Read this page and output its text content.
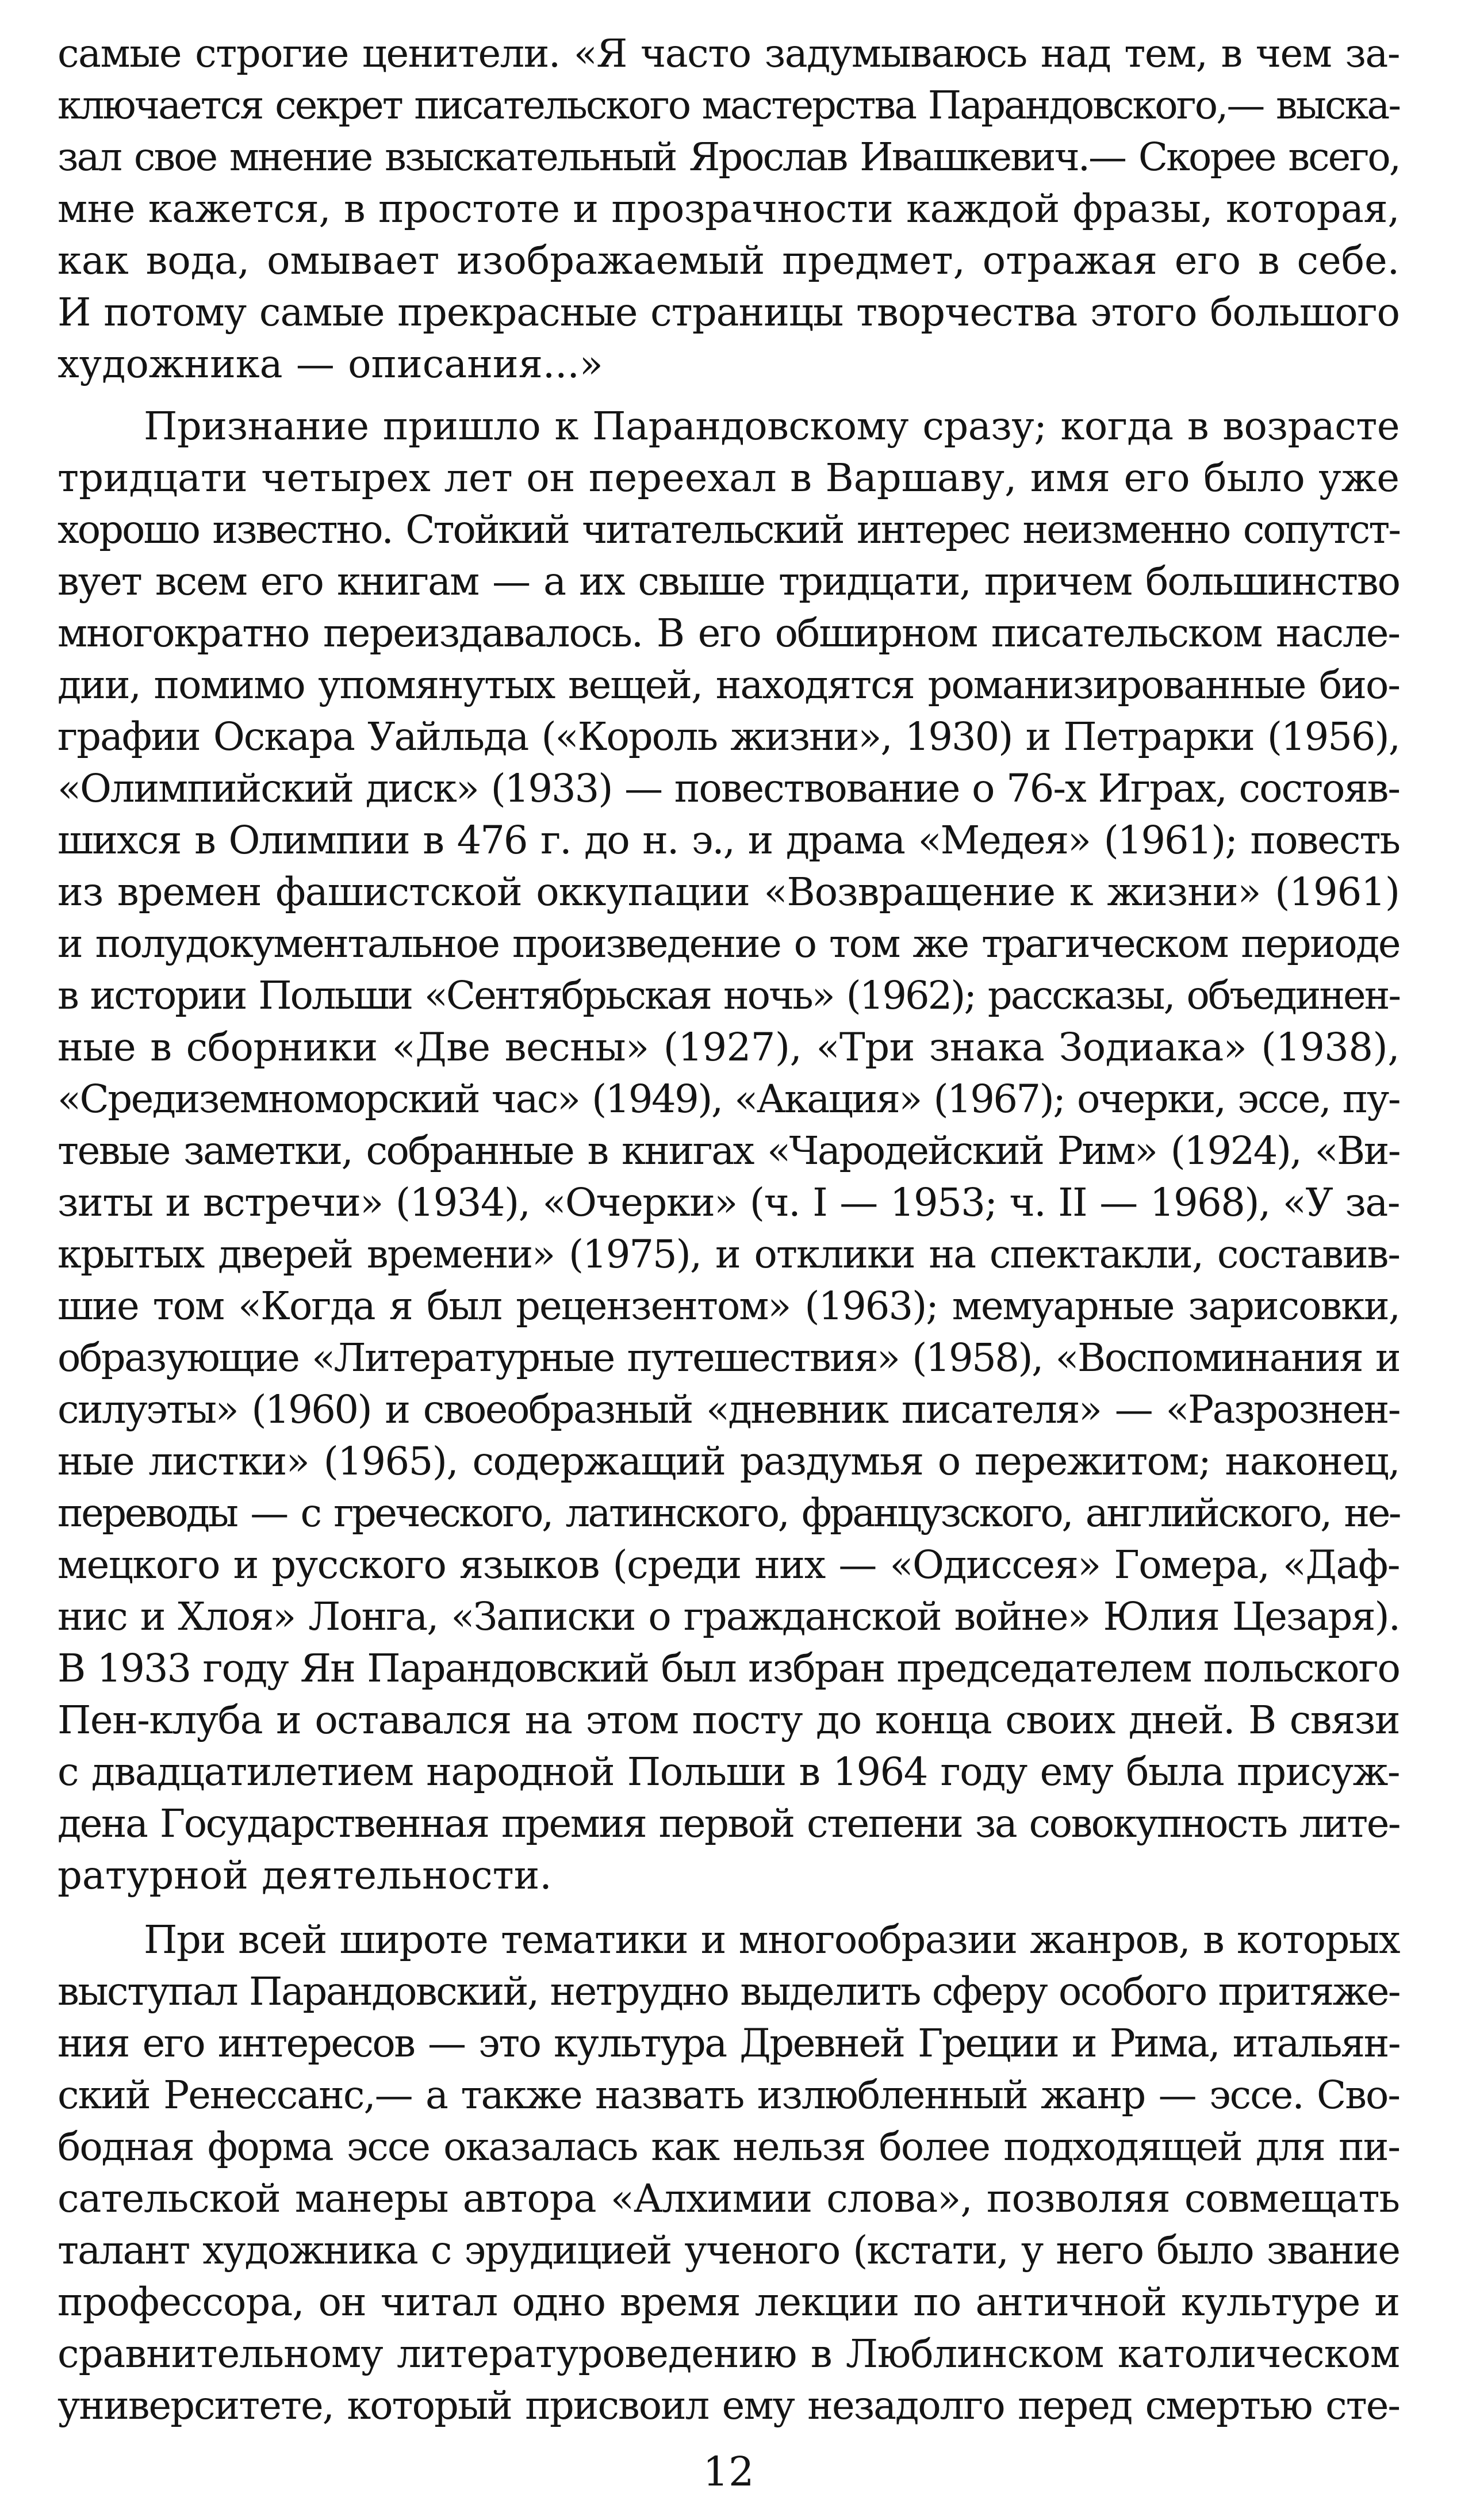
самые строгие ценители. «Я часто задумываюсь над тем, в чем за-
ключается секрет писательского мастерства Парандовского,— выска-
зал свое мнение взыскательный Ярослав Ивашкевич.— Скорее всего,
мне кажется, в простоте и прозрачности каждой фразы, которая,
как вода, омывает изображаемый предмет, отражая его в себе.
И потому самые прекрасные страницы творчества этого большого
художника — описания...»
Признание пришло к Парандовскому сразу; когда в возрасте
тридцати четырех лет он переехал в Варшаву, имя его было уже
хорошо известно. Стойкий читательский интерес неизменно сопутст-
вует всем его книгам — а их свыше тридцати, причем большинство
многократно переиздавалось. В его обширном писательском насле-
дии, помимо упомянутых вещей, находятся романизированные био-
графии Оскара Уайльда («Король жизни», 1930) и Петрарки (1956),
«Олимпийский диск» (1933) — повествование о 76-х Играх, состояв-
шихся в Олимпии в 476 г. до н. э., и драма «Медея» (1961); повесть
из времен фашистской оккупации «Возвращение к жизни» (1961)
и полудокументальное произведение о том же трагическом периоде
в истории Польши «Сентябрьская ночь» (1962); рассказы, объединен-
ные в сборники «Две весны» (1927), «Три знака Зодиака» (1938),
«Средиземноморский час» (1949), «Акация» (1967); очерки, эссе, пу-
тевые заметки, собранные в книгах «Чародейский Рим» (1924), «Ви-
зиты и встречи» (1934), «Очерки» (ч. I — 1953; ч. II — 1968), «У за-
крытых дверей времени» (1975), и отклики на спектакли, составив-
шие том «Когда я был рецензентом» (1963); мемуарные зарисовки,
образующие «Литературные путешествия» (1958), «Воспоминания и
силуэты» (1960) и своеобразный «дневник писателя» — «Разрознен-
ные листки» (1965), содержащий раздумья о пережитом; наконец,
переводы — с греческого, латинского, французского, английского, не-
мецкого и русского языков (среди них — «Одиссея» Гомера, «Даф-
нис и Хлоя» Лонга, «Записки о гражданской войне» Юлия Цезаря).
В 1933 году Ян Парандовский был избран председателем польского
Пен-клуба и оставался на этом посту до конца своих дней. В связи
с двадцатилетием народной Польши в 1964 году ему была присуж-
дена Государственная премия первой степени за совокупность лите-
ратурной деятельности.
При всей широте тематики и многообразии жанров, в которых
выступал Парандовский, нетрудно выделить сферу особого притяже-
ния его интересов — это культура Древней Греции и Рима, итальян-
ский Ренессанс,— а также назвать излюбленный жанр — эссе. Сво-
бодная форма эссе оказалась как нельзя более подходящей для пи-
сательской манеры автора «Алхимии слова», позволяя совмещать
талант художника с эрудицией ученого (кстати, у него было звание
профессора, он читал одно время лекции по античной культуре и
сравнительному литературоведению в Люблинском католическом
университете, который присвоил ему незадолго перед смертью сте-
12
